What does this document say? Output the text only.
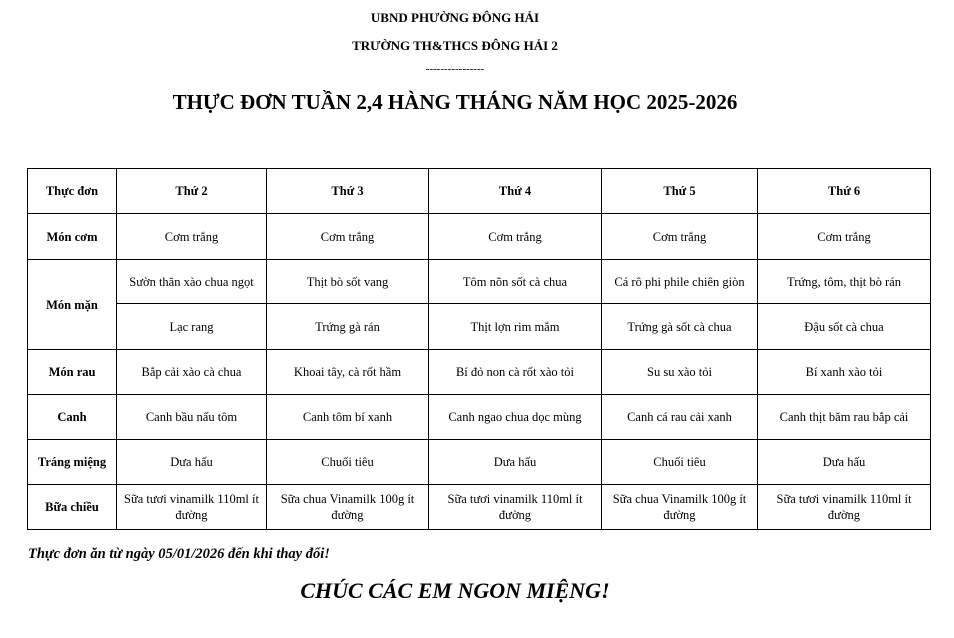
UBND PHƯỜNG ĐÔNG HẢI
TRƯỜNG TH&THCS ĐÔNG HẢI 2
----------------
THỰC ĐƠN TUẦN 2,4 HÀNG THÁNG NĂM HỌC 2025-2026
Thực đơn	Thứ 2	Thứ 3	Thứ 4	Thứ 5	Thứ 6
Món cơm	Cơm trắng	Cơm trắng	Cơm trắng	Cơm trắng	Cơm trắng
Món mặn	Sườn thăn xào chua ngọt	Thịt bò sốt vang	Tôm nõn sốt cà chua	Cá rô phi phile chiên giòn	Trứng, tôm, thịt bò rán
	Lạc rang	Trứng gà rán	Thịt lợn rim mắm	Trứng gà sốt cà chua	Đậu sốt cà chua
Món rau	Bắp cải xào cà chua	Khoai tây, cà rốt hầm	Bí đỏ non cà rốt xào tỏi	Su su xào tỏi	Bí xanh xào tỏi
Canh	Canh bầu nấu tôm	Canh tôm bí xanh	Canh ngao chua dọc mùng	Canh cá rau cải xanh	Canh thịt băm rau bắp cải
Tráng miệng	Dưa hấu	Chuối tiêu	Dưa hấu	Chuối tiêu	Dưa hấu
Bữa chiều	Sữa tươi vinamilk 110ml ít đường	Sữa chua Vinamilk 100g ít đường	Sữa tươi vinamilk 110ml ít đường	Sữa chua Vinamilk 100g ít đường	Sữa tươi vinamilk 110ml ít đường
Thực đơn ăn từ ngày 05/01/2026 đến khi thay đổi!
CHÚC CÁC EM NGON MIỆNG!
